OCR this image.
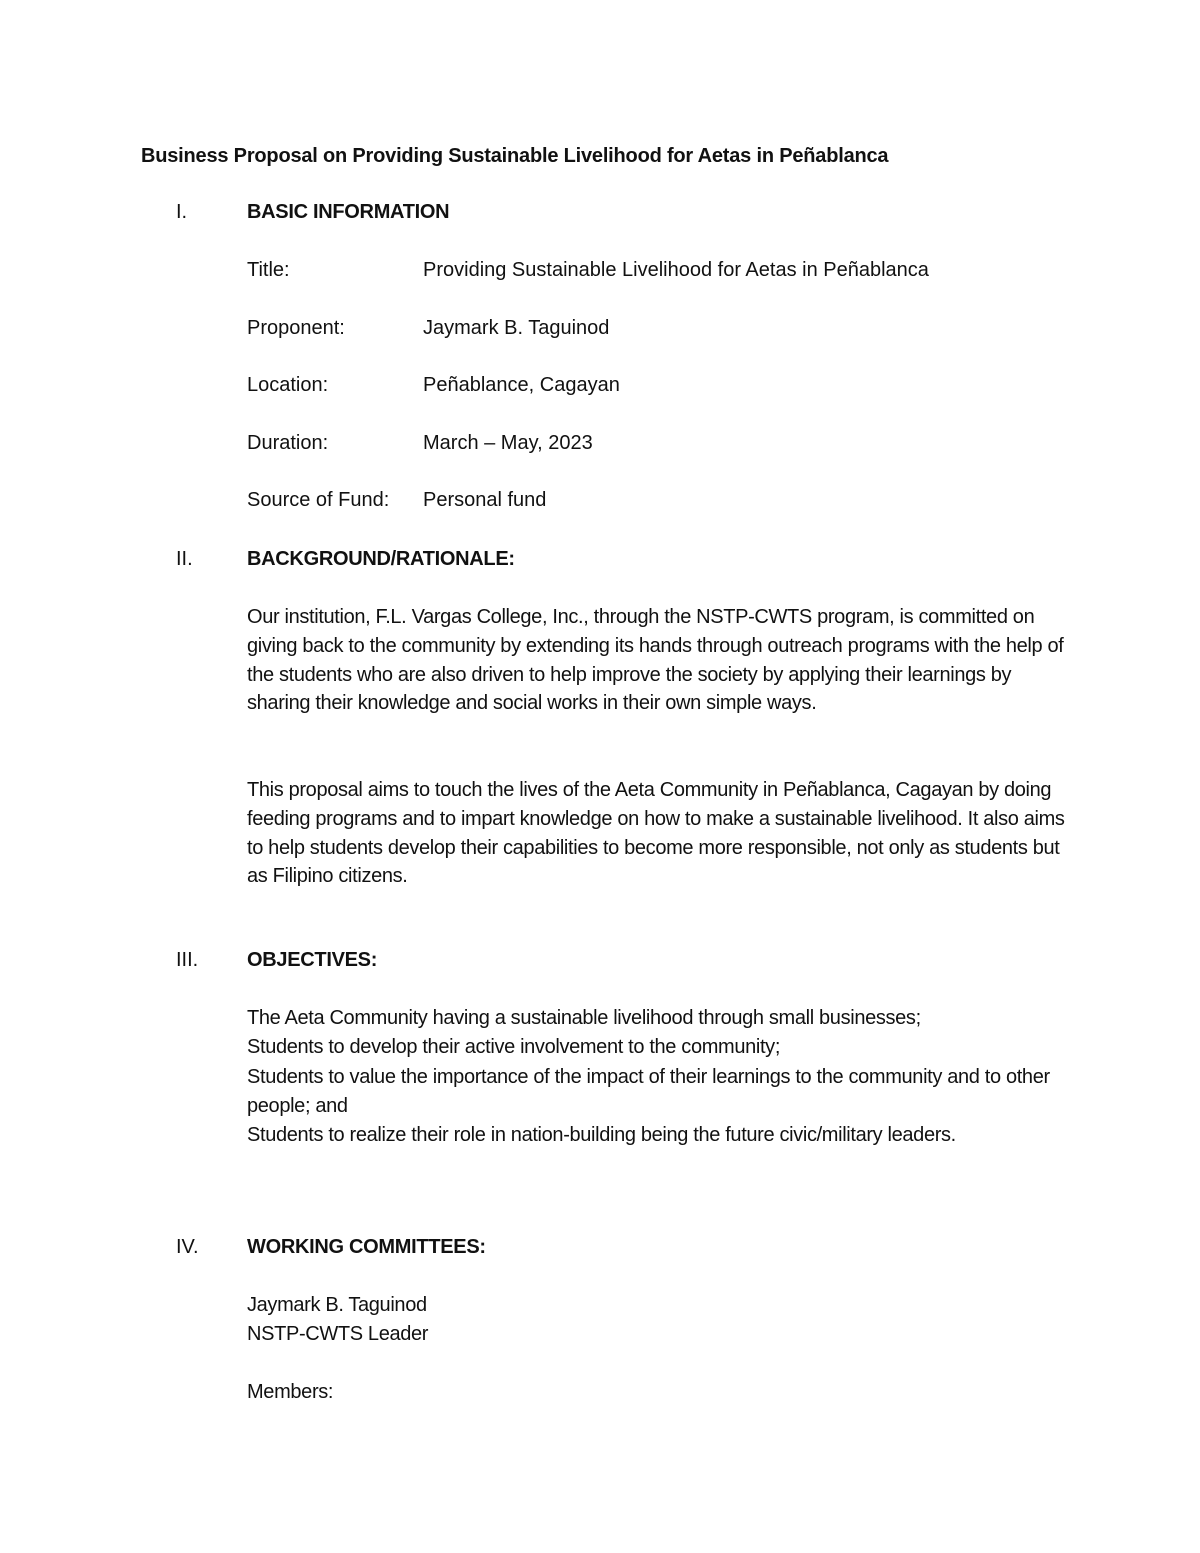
Business Proposal on Providing Sustainable Livelihood for Aetas in Peñablanca
I.	BASIC INFORMATION
Title:	Providing Sustainable Livelihood for Aetas in Peñablanca
Proponent:	Jaymark B. Taguinod
Location:	Peñablance, Cagayan
Duration:	March – May, 2023
Source of Fund: Personal fund
II.	BACKGROUND/RATIONALE:
Our institution, F.L. Vargas College, Inc., through the NSTP-CWTS program, is committed on giving back to the community by extending its hands through outreach programs with the help of the students who are also driven to help improve the society by applying their learnings by sharing their knowledge and social works in their own simple ways.
This proposal aims to touch the lives of the Aeta Community in Peñablanca, Cagayan by doing feeding programs and to impart knowledge on how to make a sustainable livelihood. It also aims to help students develop their capabilities to become more responsible, not only as students but as Filipino citizens.
III. OBJECTIVES:
The Aeta Community having a sustainable livelihood through small businesses;
Students to develop their active involvement to the community;
Students to value the importance of the impact of their learnings to the community and to other people; and
Students to realize their role in nation-building being the future civic/military leaders.
IV. WORKING COMMITTEES:
Jaymark B. Taguinod
NSTP-CWTS Leader
Members:
